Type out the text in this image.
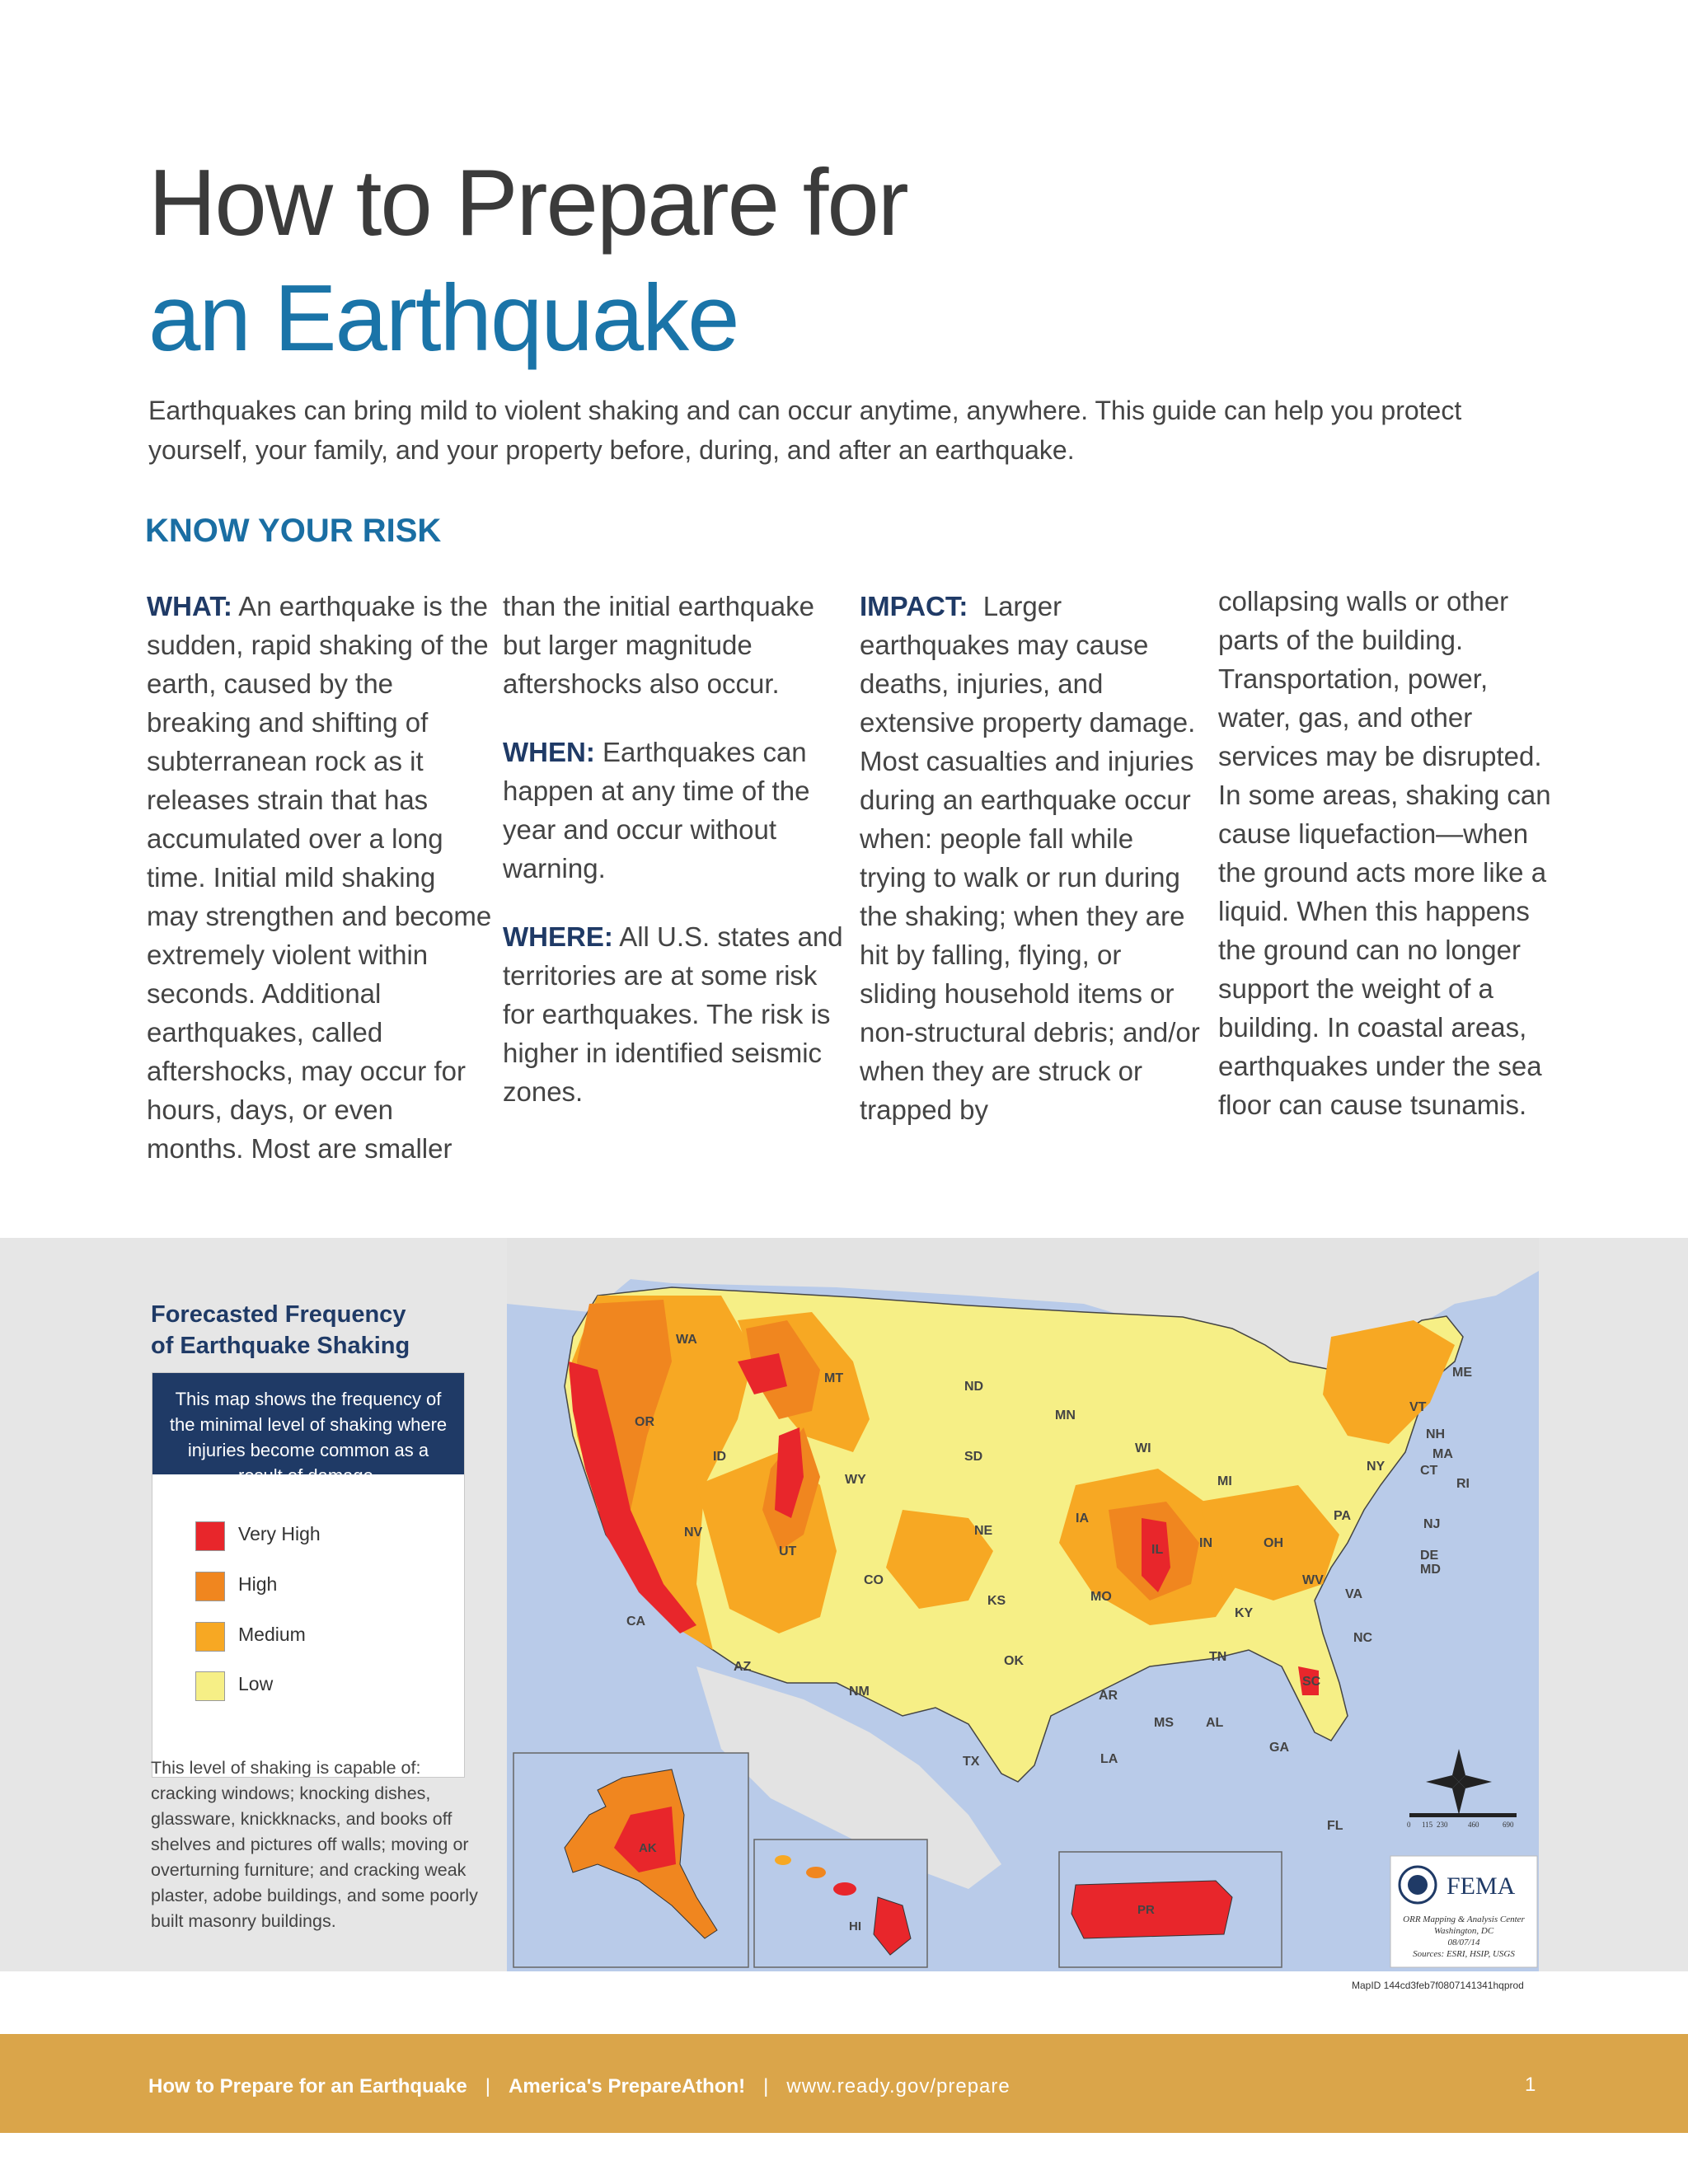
How to Prepare for
an Earthquake
Earthquakes can bring mild to violent shaking and can occur anytime, anywhere. This guide can help you protect yourself, your family, and your property before, during, and after an earthquake.
KNOW YOUR RISK

WHAT: An earthquake is the sudden, rapid shaking of the earth, caused by the breaking and shifting of subterranean rock as it releases strain that has accumulated over a long time. Initial mild shaking may strengthen and become extremely violent within seconds. Additional earthquakes, called aftershocks, may occur for hours, days, or even months. Most are smaller

than the initial earthquake but larger magnitude aftershocks also occur.

WHEN: Earthquakes can happen at any time of the year and occur without warning.

WHERE: All U.S. states and territories are at some risk for earthquakes. The risk is higher in identified seismic zones.

IMPACT: Larger earthquakes may cause deaths, injuries, and extensive property damage. Most casualties and injuries during an earthquake occur when: people fall while trying to walk or run during the shaking; when they are hit by falling, flying, or sliding household items or non-structural debris; and/or when they are struck or trapped by

collapsing walls or other parts of the building. Transportation, power, water, gas, and other services may be disrupted. In some areas, shaking can cause liquefaction—when the ground acts more like a liquid. When this happens the ground can no longer support the weight of a building. In coastal areas, earthquakes under the sea floor can cause tsunamis.

Forecasted Frequency
of Earthquake Shaking
This map shows the frequency of the minimal level of shaking where injuries become common as a result of damage.
Very High
High
Medium
Low
This level of shaking is capable of: cracking windows; knocking dishes, glassware, knickknacks, and books off shelves and pictures off walls; moving or overturning furniture; and cracking weak plaster, adobe buildings, and some poorly built masonry buildings.
WA
OR
CA
NV
ID
MT
WY
UT
AZ
CO
NM
ND
SD
NE
KS
OK
TX
MN
IA
MO
AR
LA
WI
IL
MS AL
MI
IN
KY
TN
OH
GA
FL
SC
NC
VA
WV
PA
NY
ME
VT
NH
MA
CT
RI
NJ
DE
MD
AK
HI
PR
0 115 230	460	690
FEMA
ORR Mapping & Analysis Center
Washington, DC
08/07/14
Sources: ESRI, HSIP, USGS
MapID 144cd3feb7f0807141341hqprod
How to Prepare for an Earthquake | America's PrepareAthon! | www.ready.gov/prepare	1
